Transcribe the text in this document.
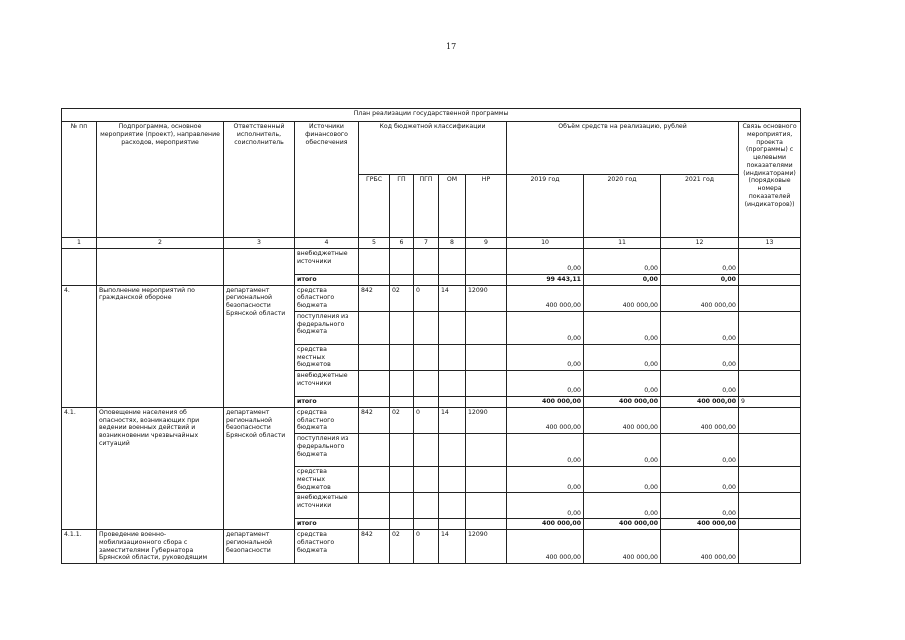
17
План реализации государственной программы												
№ пп	Подпрограмма, основное мероприятие (проект), направление расходов, мероприятие	Ответственный исполнитель, соисполнитель	Источники финансового обеспечения	Код бюджетной классификации					Объём средств на реализацию, рублей			Связь основного мероприятия, проекта (программы) с целевыми показателями (индикаторами) (порядковые номера показателей (индикаторов))
				ГРБС	ГП	ПГП	ОМ	НР	2019 год	2020 год	2021 год	
1	2	3	4	5	6	7	8	9	10	11	12	13
			внебюджетные источники						0,00	0,00	0,00	
			итого						99 443,11	0,00	0,00	
4.	Выполнение мероприятий по гражданской обороне	департамент региональной безопасности Брянской области	средства областного бюджета	842	02	0	14	12090	400 000,00	400 000,00	400 000,00	
			поступления из федерального бюджета						0,00	0,00	0,00	
			средства местных бюджетов						0,00	0,00	0,00	
			внебюджетные источники						0,00	0,00	0,00	
			итого						400 000,00	400 000,00	400 000,00	9
4.1.	Оповещение населения об опасностях, возникающих при ведении военных действий и возникновении чрезвычайных ситуаций	департамент региональной безопасности Брянской области	средства областного бюджета	842	02	0	14	12090	400 000,00	400 000,00	400 000,00	
			поступления из федерального бюджета						0,00	0,00	0,00	
			средства местных бюджетов						0,00	0,00	0,00	
			внебюджетные источники						0,00	0,00	0,00	
			итого						400 000,00	400 000,00	400 000,00	
4.1.1.	Проведение военно-мобилизационного сбора с заместителями Губернатора Брянской области, руководящим	департамент региональной безопасности	средства областного бюджета	842	02	0	14	12090	400 000,00	400 000,00	400 000,00	
